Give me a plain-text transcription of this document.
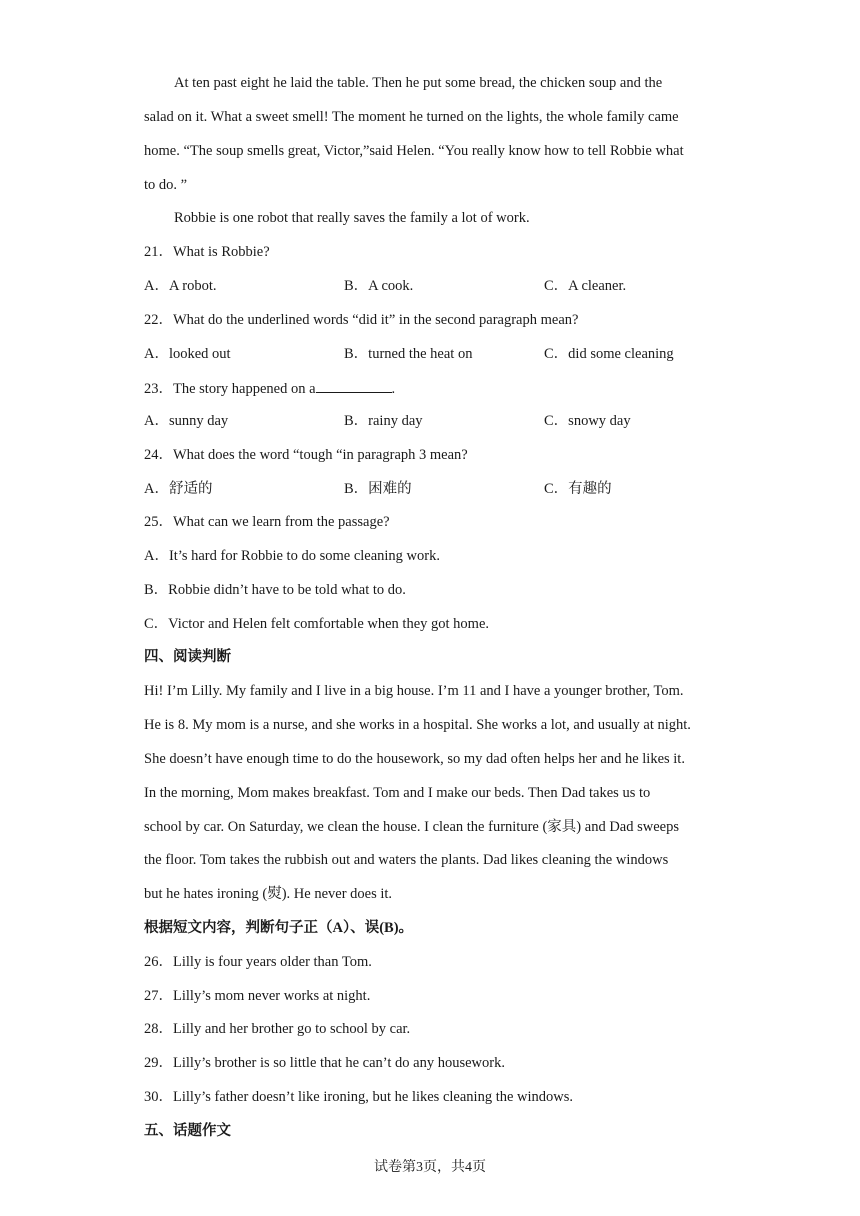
At ten past eight he laid the table. Then he put some bread, the chicken soup and the
salad on it. What a sweet smell! The moment he turned on the lights, the whole family came
home. “The soup smells great, Victor,”said Helen. “You really know how to tell Robbie what
to do. ”
Robbie is one robot that really saves the family a lot of work.
21．What is Robbie?
A．A robot.	B．A cook.	C．A cleaner.
22．What do the underlined words “did it” in the second paragraph mean?
A．looked out	B．turned the heat on	C．did some cleaning
23．The story happened on a	.
A．sunny day	B．rainy day	C．snowy day
24．What does the word “tough “in paragraph 3 mean?
A．舒适的	B．困难的	C．有趣的
25．What can we learn from the passage?
A．It’s hard for Robbie to do some cleaning work.
B．Robbie didn’t have to be told what to do.
C．Victor and Helen felt comfortable when they got home.
四、阅读判断
Hi! I’m Lilly. My family and I live in a big house. I’m 11 and I have a younger brother, Tom.
He is 8. My mom is a nurse, and she works in a hospital. She works a lot, and usually at night.
She doesn’t have enough time to do the housework, so my dad often helps her and he likes it.
In the morning, Mom makes breakfast. Tom and I make our beds. Then Dad takes us to
school by car. On Saturday, we clean the house. I clean the furniture (家具) and Dad sweeps
the floor. Tom takes the rubbish out and waters the plants. Dad likes cleaning the windows
but he hates ironing (熨). He never does it.
根据短文内容，判断句子正（A）、误(B)。
26．Lilly is four years older than Tom.
27．Lilly’s mom never works at night.
28．Lilly and her brother go to school by car.
29．Lilly’s brother is so little that he can’t do any housework.
30．Lilly’s father doesn’t like ironing, but he likes cleaning the windows.
五、话题作文
试卷第3页，共4页
